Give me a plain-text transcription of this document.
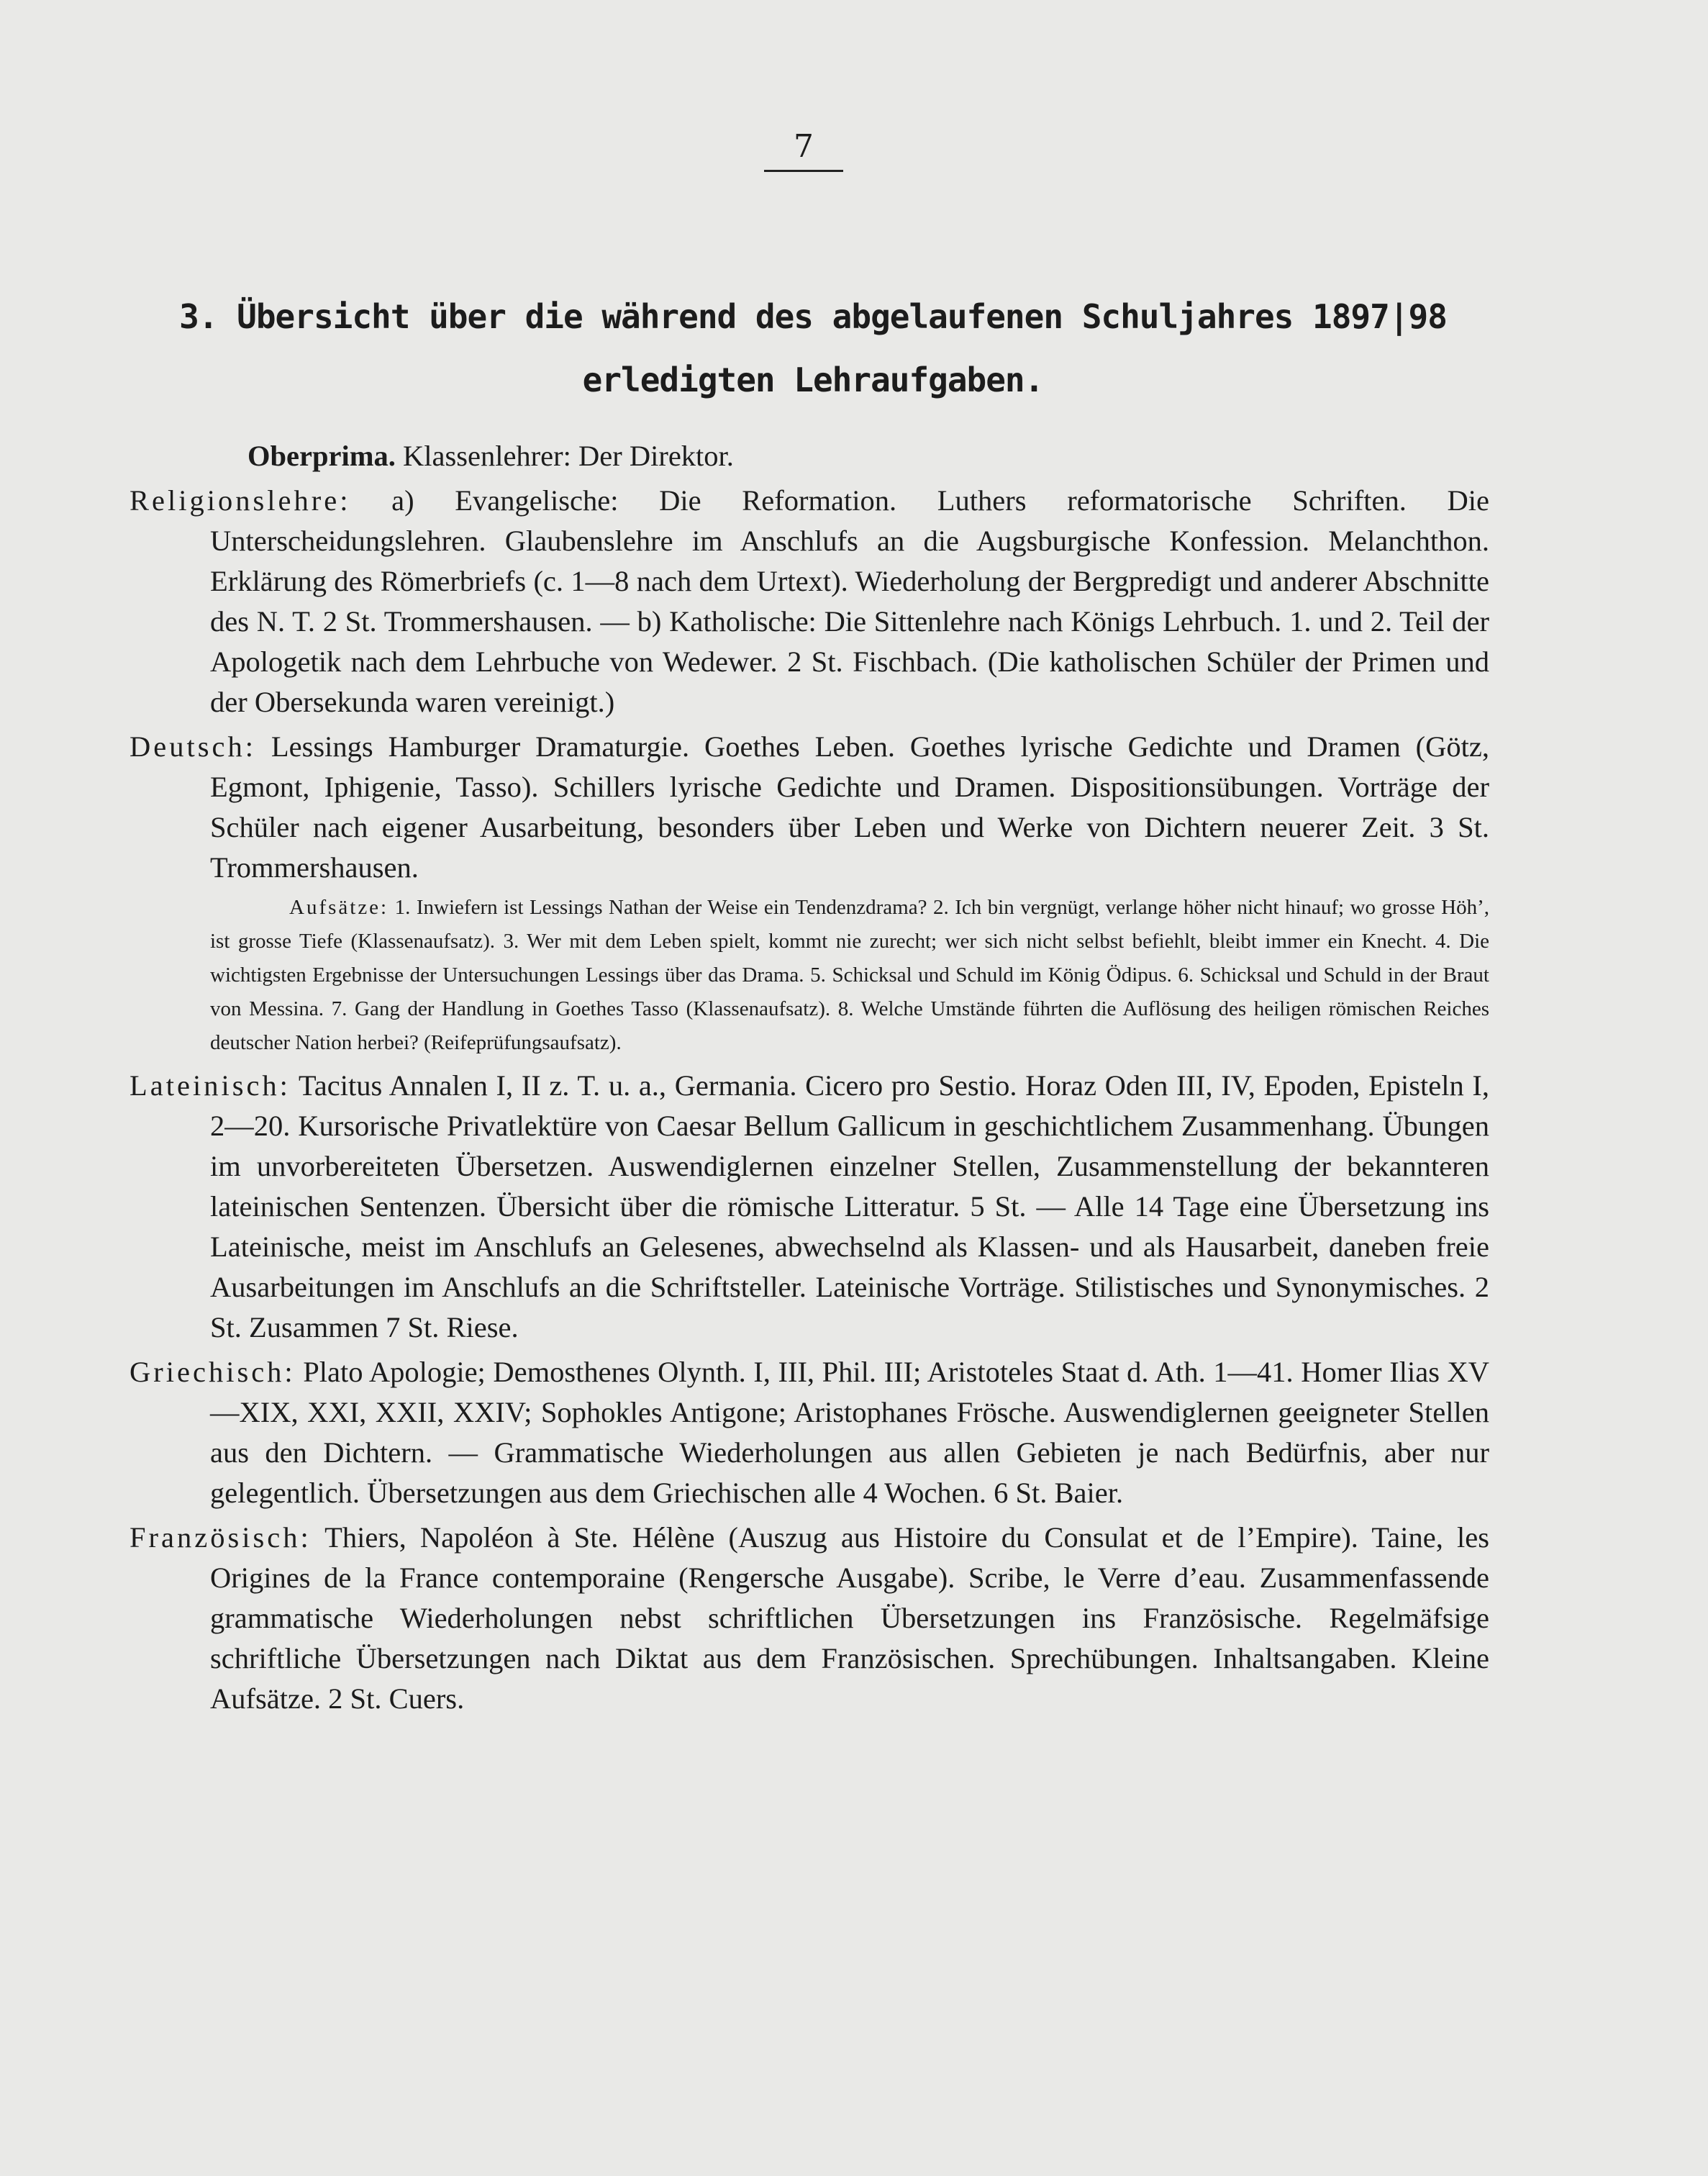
7
3. Übersicht über die während des abgelaufenen Schuljahres 1897|98
erledigten Lehraufgaben.
Oberprima. Klassenlehrer: Der Direktor.
Religionslehre: a) Evangelische: Die Reformation. Luthers reformatorische Schriften. Die Unterscheidungslehren. Glaubenslehre im Anschlufs an die Augsburgische Konfession. Melanchthon. Erklärung des Römerbriefs (c. 1—8 nach dem Urtext). Wiederholung der Bergpredigt und anderer Abschnitte des N. T. 2 St. Trommershausen. — b) Katholische: Die Sittenlehre nach Königs Lehrbuch. 1. und 2. Teil der Apologetik nach dem Lehrbuche von Wedewer. 2 St. Fischbach. (Die katholischen Schüler der Primen und der Obersekunda waren vereinigt.)
Deutsch: Lessings Hamburger Dramaturgie. Goethes Leben. Goethes lyrische Gedichte und Dramen (Götz, Egmont, Iphigenie, Tasso). Schillers lyrische Gedichte und Dramen. Dispositionsübungen. Vorträge der Schüler nach eigener Ausarbeitung, besonders über Leben und Werke von Dichtern neuerer Zeit. 3 St. Trommershausen.
Aufsätze: 1. Inwiefern ist Lessings Nathan der Weise ein Tendenzdrama? 2. Ich bin vergnügt, verlange höher nicht hinauf; wo grosse Höh’, ist grosse Tiefe (Klassenaufsatz). 3. Wer mit dem Leben spielt, kommt nie zurecht; wer sich nicht selbst befiehlt, bleibt immer ein Knecht. 4. Die wichtigsten Ergebnisse der Untersuchungen Lessings über das Drama. 5. Schicksal und Schuld im König Ödipus. 6. Schicksal und Schuld in der Braut von Messina. 7. Gang der Handlung in Goethes Tasso (Klassenaufsatz). 8. Welche Umstände führten die Auflösung des heiligen römischen Reiches deutscher Nation herbei? (Reifeprüfungsaufsatz).
Lateinisch: Tacitus Annalen I, II z. T. u. a., Germania. Cicero pro Sestio. Horaz Oden III, IV, Epoden, Episteln I, 2—20. Kursorische Privatlektüre von Caesar Bellum Gallicum in geschichtlichem Zusammenhang. Übungen im unvorbereiteten Übersetzen. Auswendiglernen einzelner Stellen, Zusammenstellung der bekannteren lateinischen Sentenzen. Übersicht über die römische Litteratur. 5 St. — Alle 14 Tage eine Übersetzung ins Lateinische, meist im Anschlufs an Gelesenes, abwechselnd als Klassen- und als Hausarbeit, daneben freie Ausarbeitungen im Anschlufs an die Schriftsteller. Lateinische Vorträge. Stilistisches und Synonymisches. 2 St. Zusammen 7 St. Riese.
Griechisch: Plato Apologie; Demosthenes Olynth. I, III, Phil. III; Aristoteles Staat d. Ath. 1—41. Homer Ilias XV—XIX, XXI, XXII, XXIV; Sophokles Antigone; Aristophanes Frösche. Auswendiglernen geeigneter Stellen aus den Dichtern. — Grammatische Wiederholungen aus allen Gebieten je nach Bedürfnis, aber nur gelegentlich. Übersetzungen aus dem Griechischen alle 4 Wochen. 6 St. Baier.
Französisch: Thiers, Napoléon à Ste. Hélène (Auszug aus Histoire du Consulat et de l’Empire). Taine, les Origines de la France contemporaine (Rengersche Ausgabe). Scribe, le Verre d’eau. Zusammenfassende grammatische Wiederholungen nebst schriftlichen Übersetzungen ins Französische. Regelmäfsige schriftliche Übersetzungen nach Diktat aus dem Französischen. Sprechübungen. Inhaltsangaben. Kleine Aufsätze. 2 St. Cuers.
